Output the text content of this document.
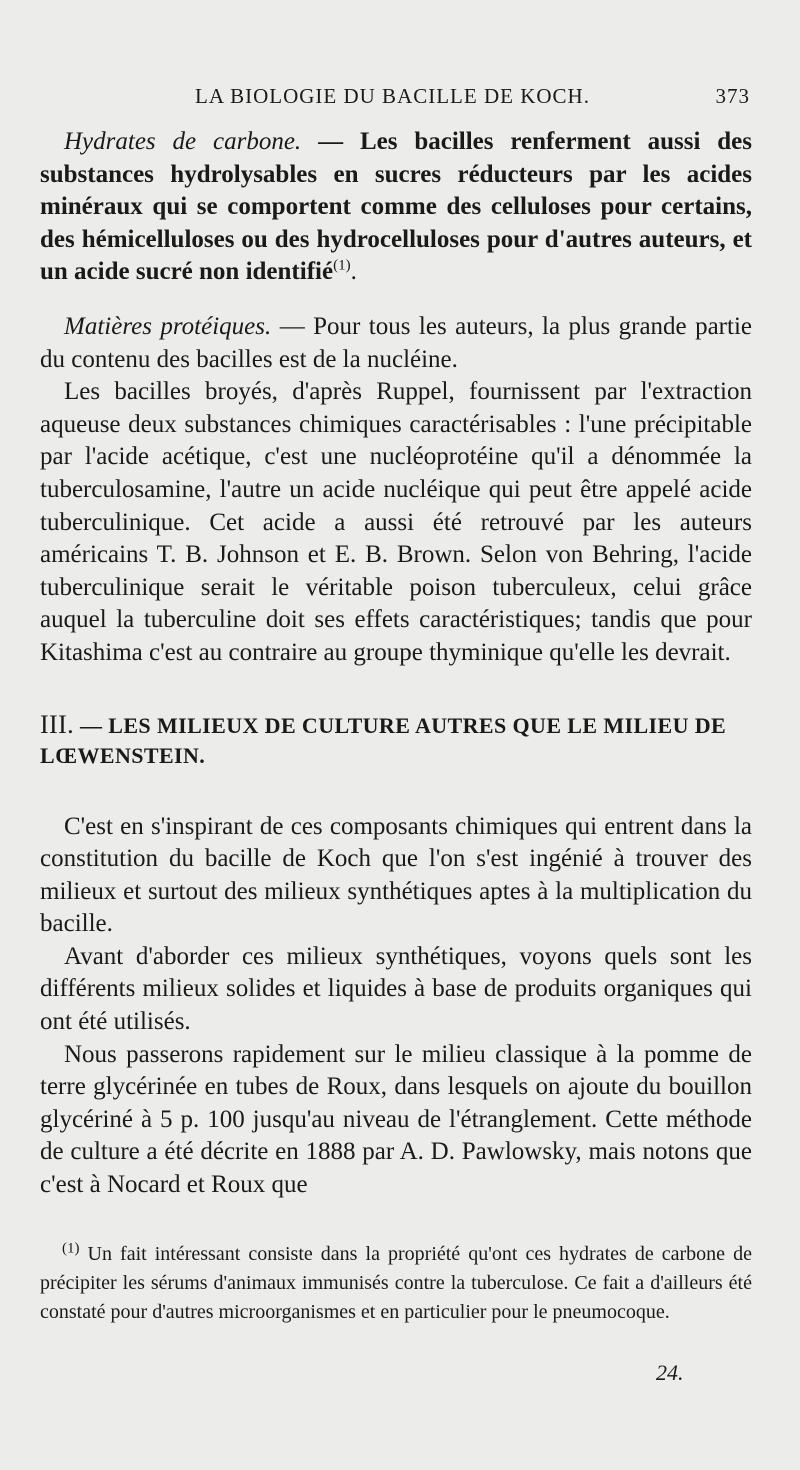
LA BIOLOGIE DU BACILLE DE KOCH.	373

Hydrates de carbone. — Les bacilles renferment aussi des substances hydrolysables en sucres réducteurs par les acides minéraux qui se comportent comme des celluloses pour certains, des hémicelluloses ou des hydrocelluloses pour d'autres auteurs, et un acide sucré non identifié$^{(1)}$.

Matières protéiques. — Pour tous les auteurs, la plus grande partie du contenu des bacilles est de la nucléine.

Les bacilles broyés, d'après Ruppel, fournissent par l'extraction aqueuse deux substances chimiques caractérisables : l'une précipitable par l'acide acétique, c'est une nucléoprotéine qu'il a dénommée la tuberculosamine, l'autre un acide nucléique qui peut être appelé acide tuberculinique. Cet acide a aussi été retrouvé par les auteurs américains T. B. Johnson et E. B. Brown. Selon von Behring, l'acide tuberculinique serait le véritable poison tuberculeux, celui grâce auquel la tuberculine doit ses effets caractéristiques; tandis que pour Kitashima c'est au contraire au groupe thyminique qu'elle les devrait.

III. — LES MILIEUX DE CULTURE AUTRES QUE LE MILIEU DE LŒWENSTEIN.

C'est en s'inspirant de ces composants chimiques qui entrent dans la constitution du bacille de Koch que l'on s'est ingénié à trouver des milieux et surtout des milieux synthétiques aptes à la multiplication du bacille.

Avant d'aborder ces milieux synthétiques, voyons quels sont les différents milieux solides et liquides à base de produits organiques qui ont été utilisés.

Nous passerons rapidement sur le milieu classique à la pomme de terre glycérinée en tubes de Roux, dans lesquels on ajoute du bouillon glycériné à 5 p. 100 jusqu'au niveau de l'étranglement. Cette méthode de culture a été décrite en 1888 par A. D. Pawlowsky, mais notons que c'est à Nocard et Roux que

$^{(1)}$ Un fait intéressant consiste dans la propriété qu'ont ces hydrates de carbone de précipiter les sérums d'animaux immunisés contre la tuberculose. Ce fait a d'ailleurs été constaté pour d'autres microorganismes et en particulier pour le pneumocoque.

24.
